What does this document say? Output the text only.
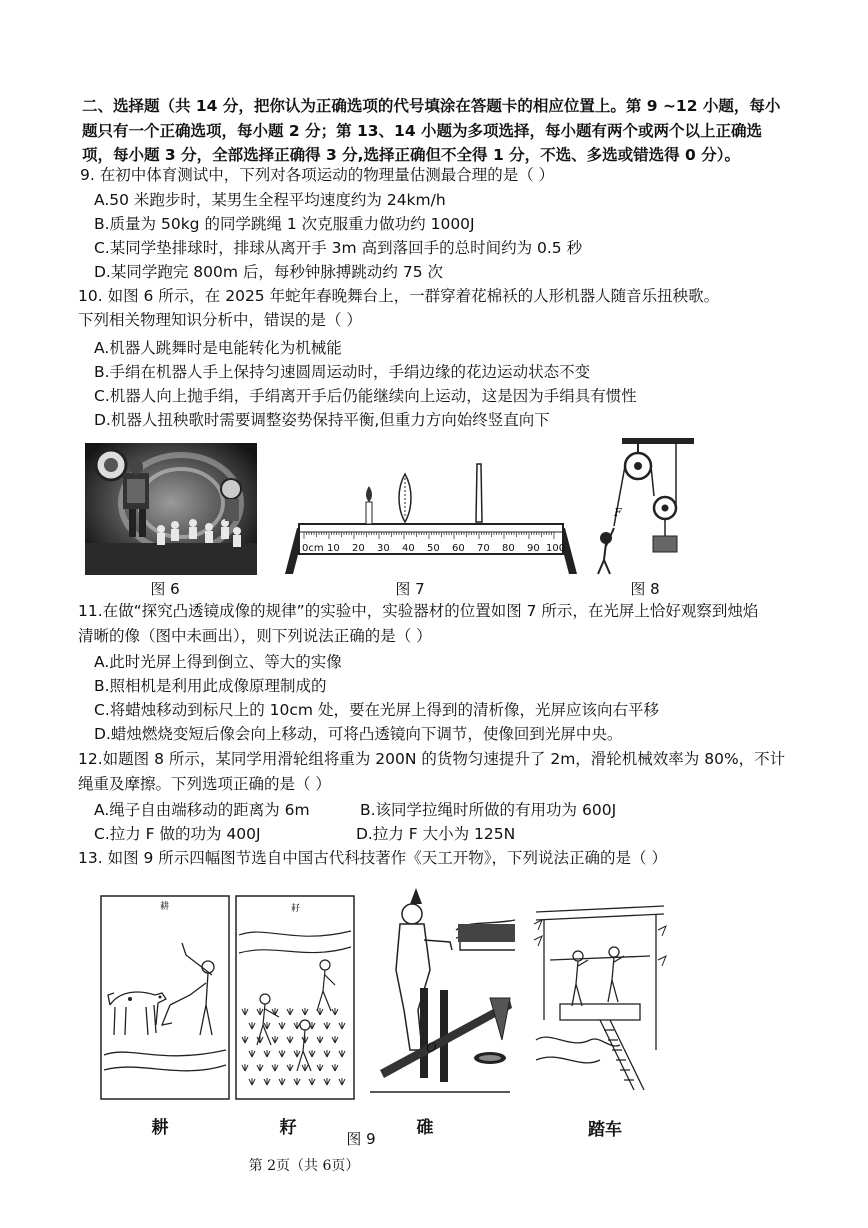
二、选择题（共 14 分，把你认为正确选项的代号填涂在答题卡的相应位置上。第 9 ~12 小题，每小
题只有一个正确选项，每小题 2 分；第 13、14 小题为多项选择，每小题有两个或两个以上正确选
项，每小题 3 分，全部选择正确得 3 分,选择正确但不全得 1 分，不选、多选或错选得 0 分）。
9. 在初中体育测试中，下列对各项运动的物理量估测最合理的是（ ）
A.50 米跑步时，某男生全程平均速度约为 24km/h
B.质量为 50kg 的同学跳绳 1 次克服重力做功约 1000J
C.某同学垫排球时，排球从离开手 3m 高到落回手的总时间约为 0.5 秒
D.某同学跑完 800m 后，每秒钟脉搏跳动约 75 次
10. 如图 6 所示，在 2025 年蛇年春晚舞台上，一群穿着花棉袄的人形机器人随音乐扭秧歌。
下列相关物理知识分析中，错误的是（ ）
A.机器人跳舞时是电能转化为机械能
B.手绢在机器人手上保持匀速圆周运动时，手绢边缘的花边运动状态不变
C.机器人向上抛手绢，手绢离开手后仍能继续向上运动，这是因为手绢具有惯性
D.机器人扭秧歌时需要调整姿势保持平衡,但重力方向始终竖直向下
0cm 10 20 30 40 50 60 70 80 90 100
F
图 6	图 7	图 8
11.在做“探究凸透镜成像的规律”的实验中，实验器材的位置如图 7 所示，在光屏上恰好观察到烛焰
清晰的像（图中未画出），则下列说法正确的是（ ）
A.此时光屏上得到倒立、等大的实像
B.照相机是利用此成像原理制成的
C.将蜡烛移动到标尺上的 10cm 处，要在光屏上得到的清析像，光屏应该向右平移
D.蜡烛燃烧变短后像会向上移动，可将凸透镜向下调节，使像回到光屏中央。
12.如题图 8 所示，某同学用滑轮组将重为 200N 的货物匀速提升了 2m，滑轮机械效率为 80%，不计
绳重及摩擦。下列选项正确的是（ ）
A.绳子自由端移动的距离为 6m	B.该同学拉绳时所做的有用功为 600J
C.拉力 F 做的功为 400J	D.拉力 F 大小为 125N
13. 如图 9 所示四幅图节选自中国古代科技著作《天工开物》，下列说法正确的是（ ）
耕	耔
O
耕	耔	碓	踏车
图 9
第 2页（共 6页）
